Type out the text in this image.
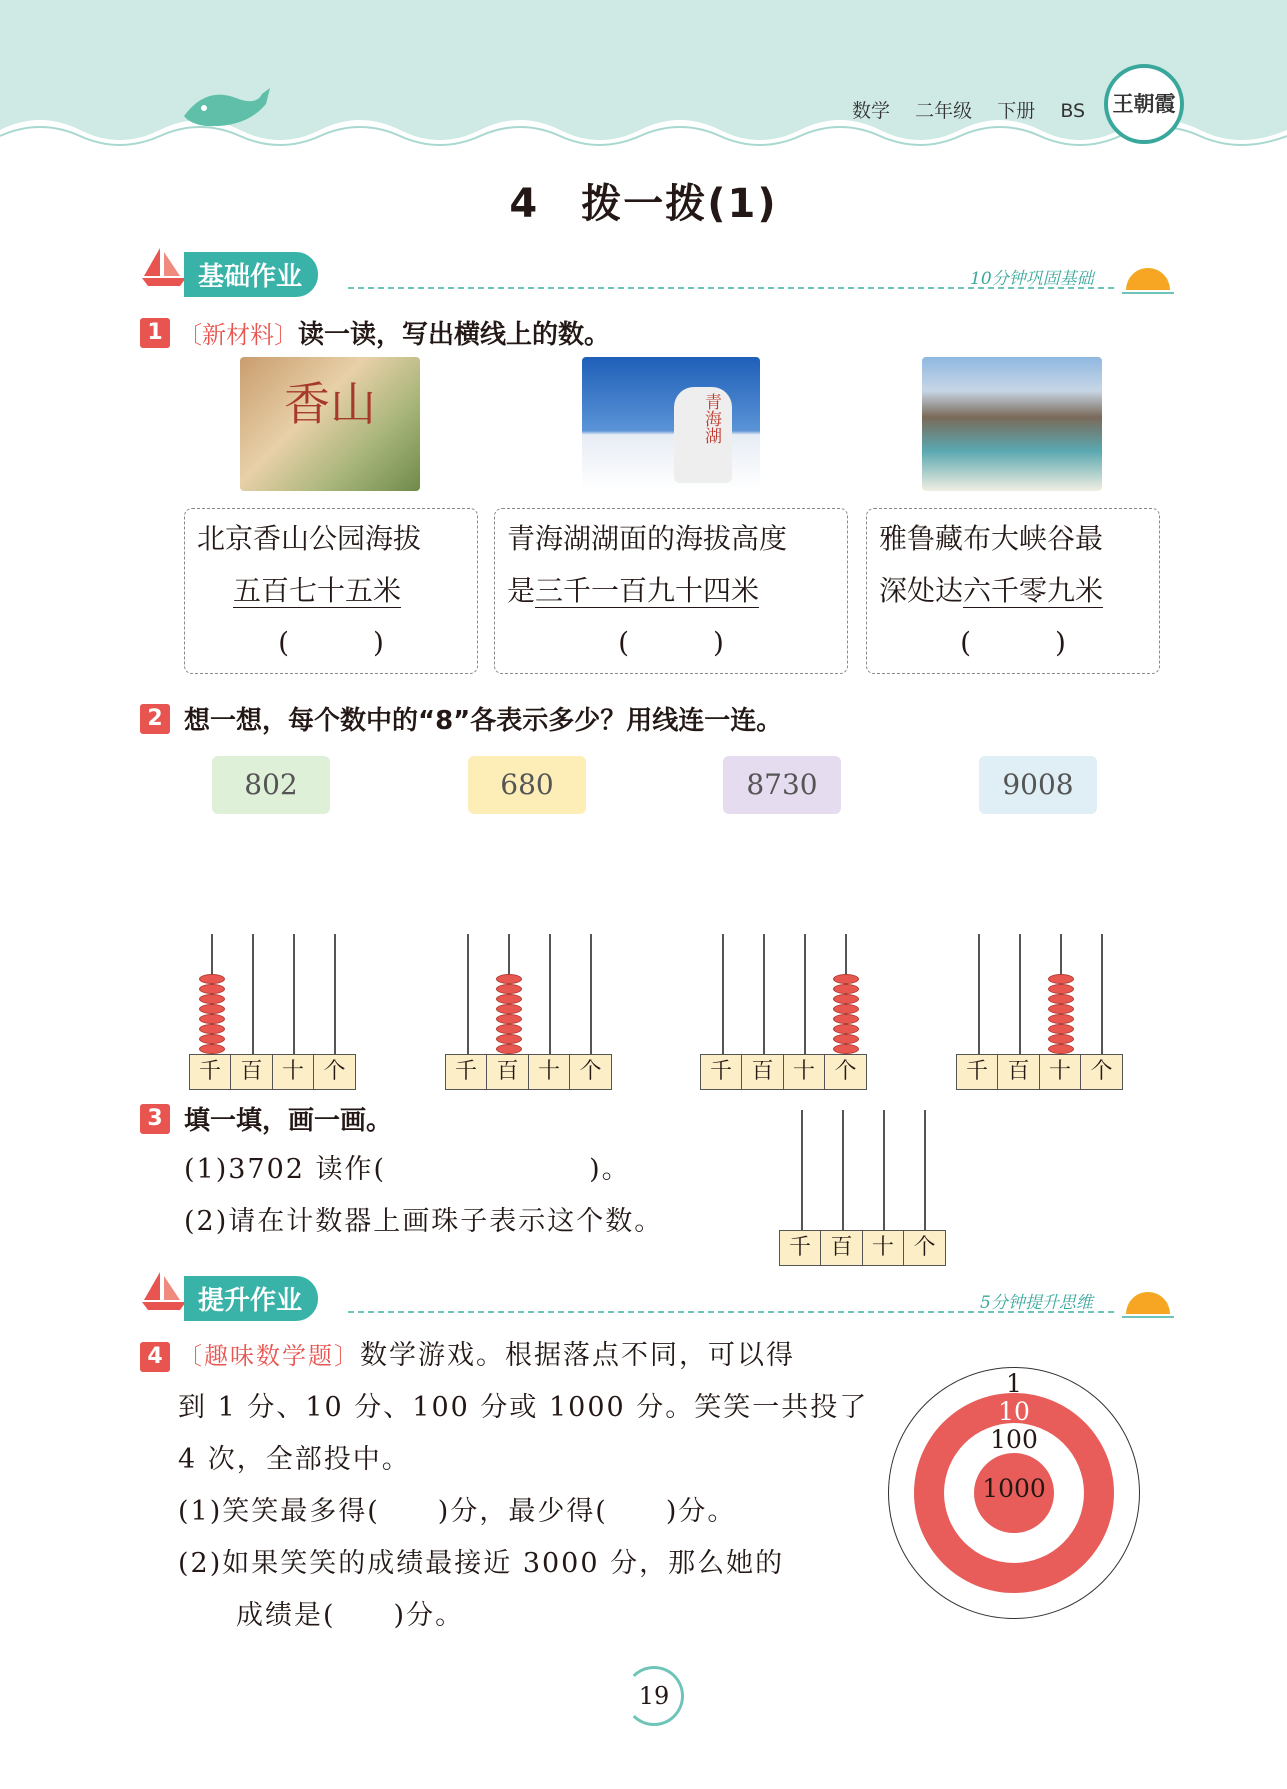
数学 二年级 下册 BS	王朝霞
4　拨一拨(1)
基础作业	10分钟巩固基础
1 〔新材料〕读一读，写出横线上的数。
香山	青海湖
北京香山公园海拔
五百七十五米
(　　　)
青海湖湖面的海拔高度
是三千一百九十四米
(　　　)
雅鲁藏布大峡谷最
深处达六千零九米
(　　　)
2 想一想，每个数中的“8”各表示多少？用线连一连。
802	680	8730	9008
千 百 十 个	千 百 十 个	千 百 十 个	千 百 十 个
3 填一填，画一画。
(1)3702 读作(　　　　　　　)。
(2)请在计数器上画珠子表示这个数。
千 百 十 个
提升作业	5分钟提升思维
4 〔趣味数学题〕数学游戏。根据落点不同，可以得
到 1 分、10 分、100 分或 1000 分。笑笑一共投了
4 次，全部投中。
(1)笑笑最多得(　　)分，最少得(　　)分。
(2)如果笑笑的成绩最接近 3000 分，那么她的
　　成绩是(　　)分。
1
10
100
1000
19
